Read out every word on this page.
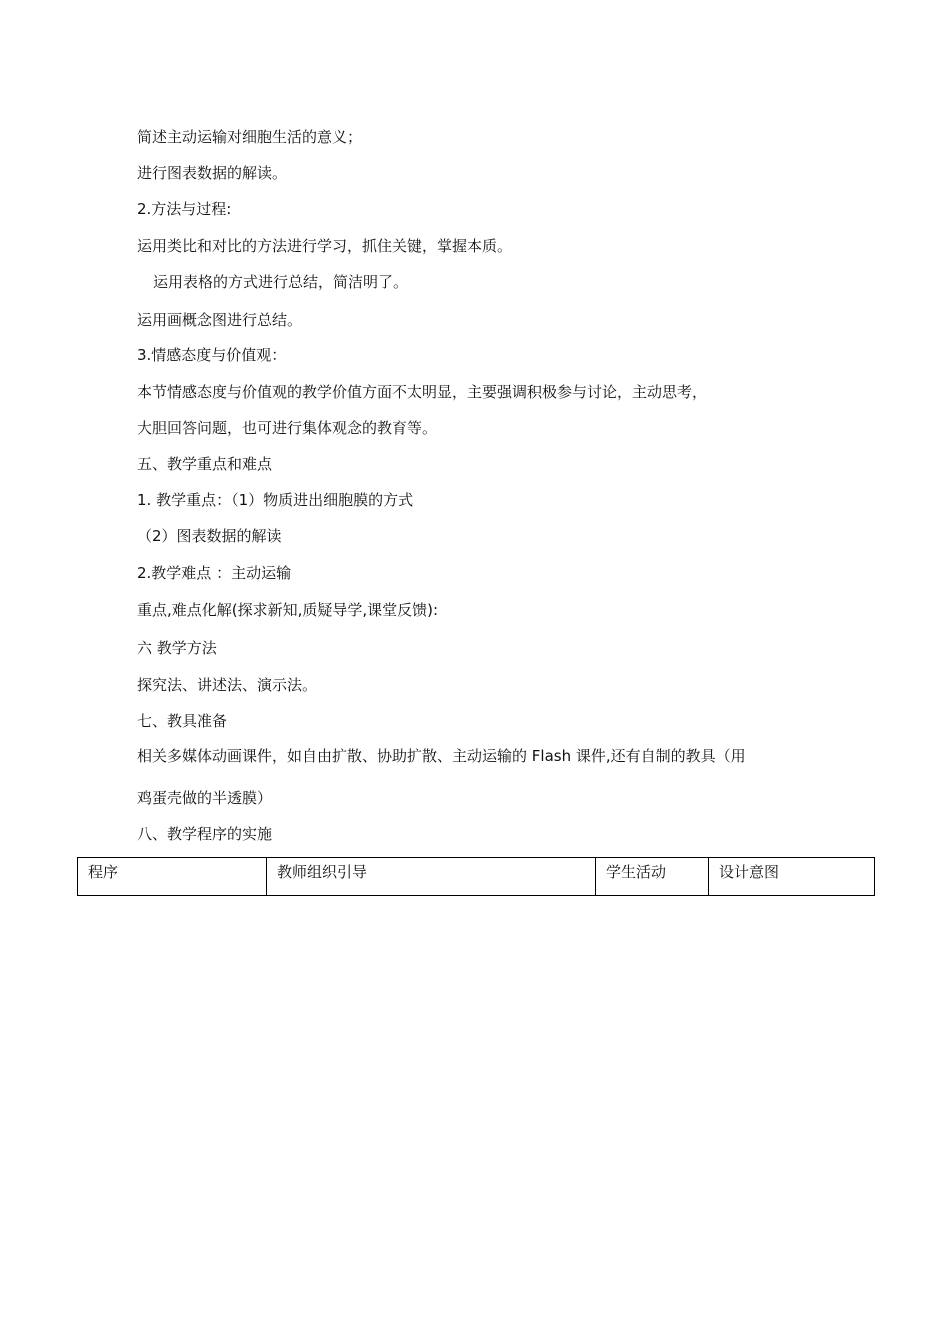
简述主动运输对细胞生活的意义；
进行图表数据的解读。
2.方法与过程:
运用类比和对比的方法进行学习，抓住关键，掌握本质。
运用表格的方式进行总结，简洁明了。
运用画概念图进行总结。
3.情感态度与价值观：
本节情感态度与价值观的教学价值方面不太明显，主要强调积极参与讨论，主动思考，
大胆回答问题，也可进行集体观念的教育等。
五、教学重点和难点
1. 教学重点：（1）物质进出细胞膜的方式
（2）图表数据的解读
2.教学难点 ：主动运输
重点,难点化解(探求新知,质疑导学,课堂反馈):
六 教学方法
探究法、讲述法、演示法。
七、教具准备
相关多媒体动画课件，如自由扩散、协助扩散、主动运输的 Flash 课件,还有自制的教具（用
鸡蛋壳做的半透膜）
八、教学程序的实施
程序	教师组织引导	学生活动	设计意图
